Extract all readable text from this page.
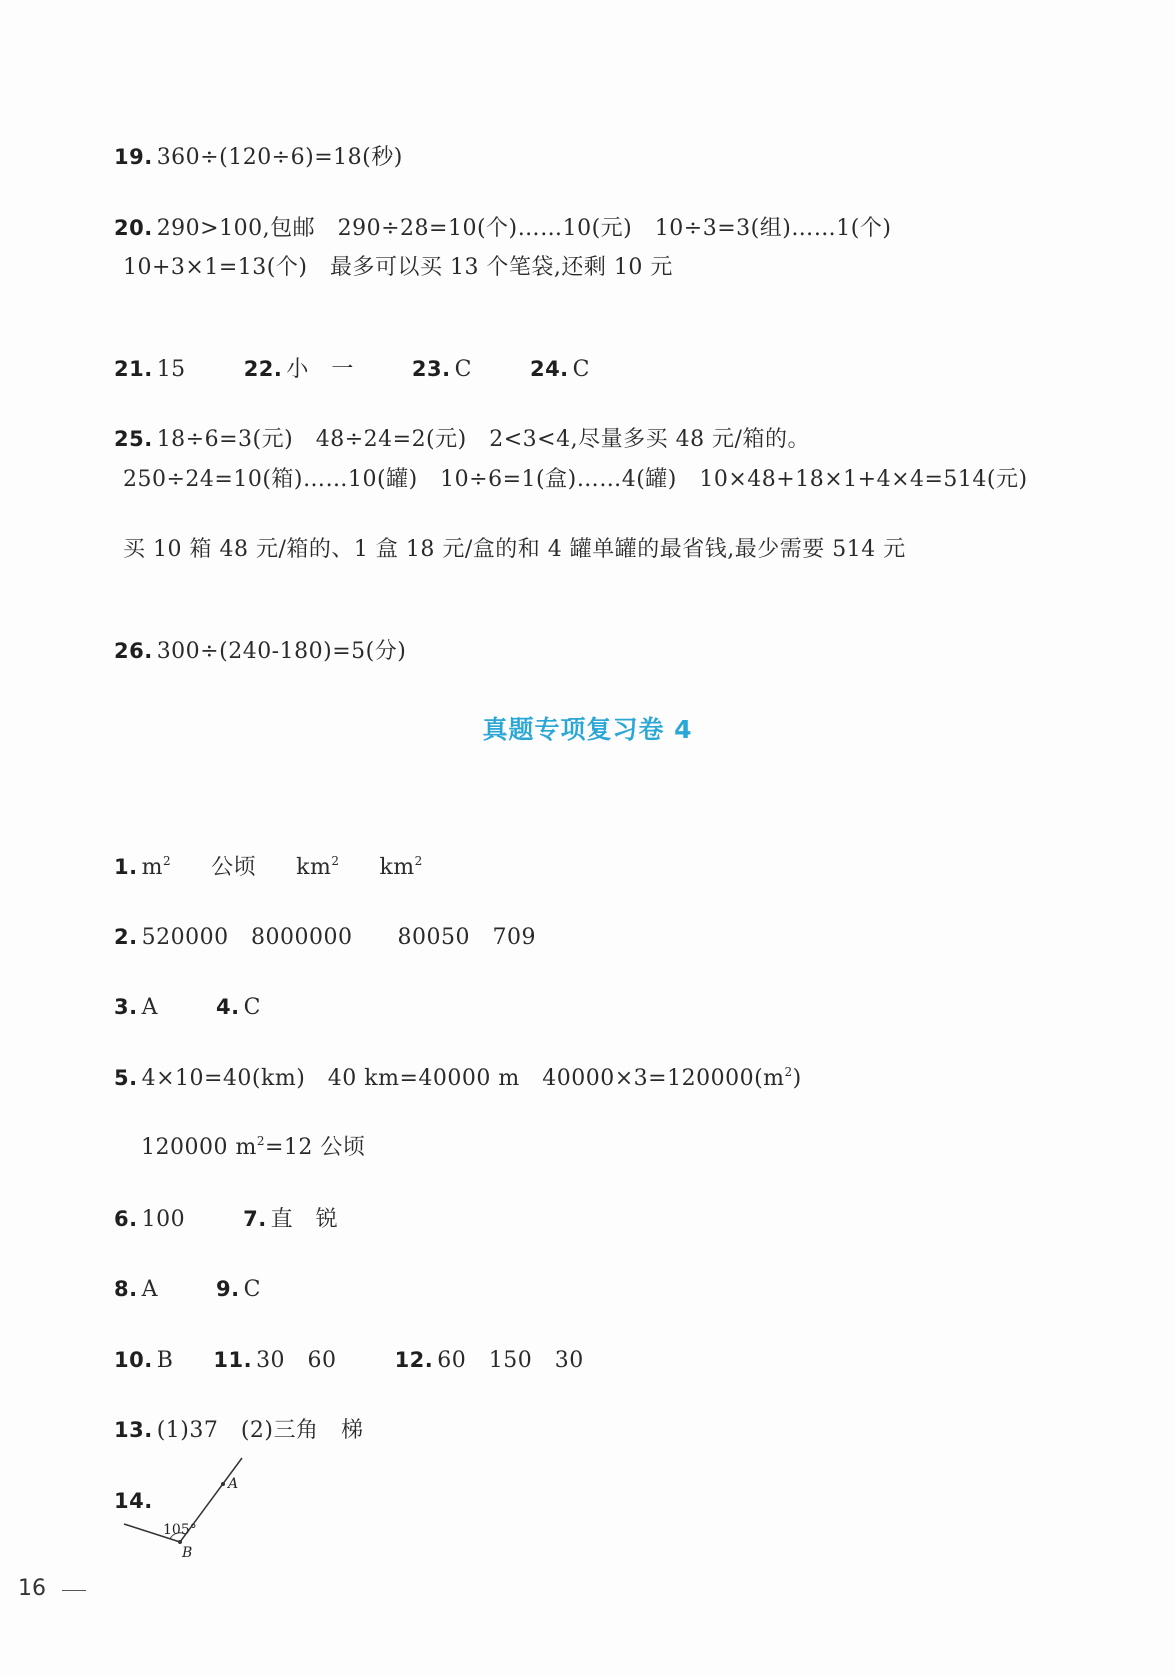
19. 360÷(120÷6)=18(秒)

20. 290>100,包邮　290÷28=10(个)……10(元)　10÷3=3(组)……1(个)

10+3×1=13(个)　最多可以买 13 个笔袋,还剩 10 元

21. 15	22. 小　一	23. C	24. C

25. 18÷6=3(元)　48÷24=2(元)　2<3<4,尽量多买 48 元/箱的。

250÷24=10(箱)……10(罐)　10÷6=1(盒)……4(罐)　10×48+18×1+4×4=514(元)
买 10 箱 48 元/箱的、1 盒 18 元/盒的和 4 罐单罐的最省钱,最少需要 514 元

26. 300÷(240-180)=5(分)

真题专项复习卷 4

1. $m^2$ 公顷 $km^2$ $km^2$

2. 520000　8000000　　80050　709

3. A	4. C

5. 4×10=40(km)　40 km=40000 m　$40000\times 3=120000(m^2)$

120000 $m^2=12$ 公顷

6. 100	7. 直　锐

8. A	9. C

10. B 11. 30　60	12. 60　150　30

13. (1)37　(2)三角　梯

14.

A
B
105°
16
